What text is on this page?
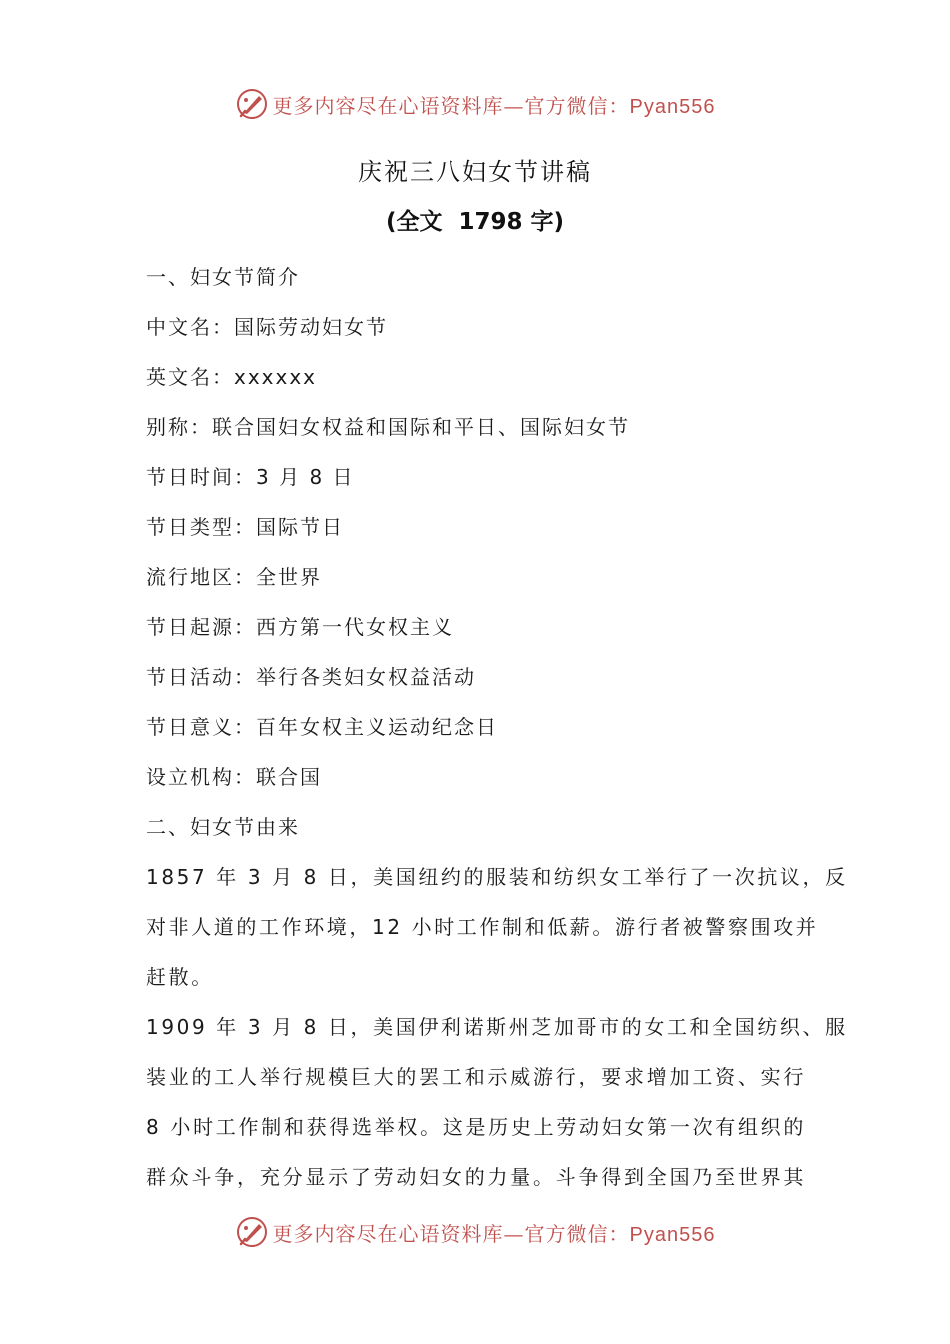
更多内容尽在心语资料库—官方微信：Pyan556
庆祝三八妇女节讲稿
(全文  1798 字)
一、妇女节简介
中文名：国际劳动妇女节
英文名：xxxxxx
别称：联合国妇女权益和国际和平日、国际妇女节
节日时间：3 月 8 日
节日类型：国际节日
流行地区：全世界
节日起源：西方第一代女权主义
节日活动：举行各类妇女权益活动
节日意义：百年女权主义运动纪念日
设立机构：联合国
二、妇女节由来
1857 年 3 月 8 日，美国纽约的服装和纺织女工举行了一次抗议，反
对非人道的工作环境，12 小时工作制和低薪。游行者被警察围攻并
赶散。
1909 年 3 月 8 日，美国伊利诺斯州芝加哥市的女工和全国纺织、服
装业的工人举行规模巨大的罢工和示威游行，要求增加工资、实行
8 小时工作制和获得选举权。这是历史上劳动妇女第一次有组织的
群众斗争，充分显示了劳动妇女的力量。斗争得到全国乃至世界其
更多内容尽在心语资料库—官方微信：Pyan556
